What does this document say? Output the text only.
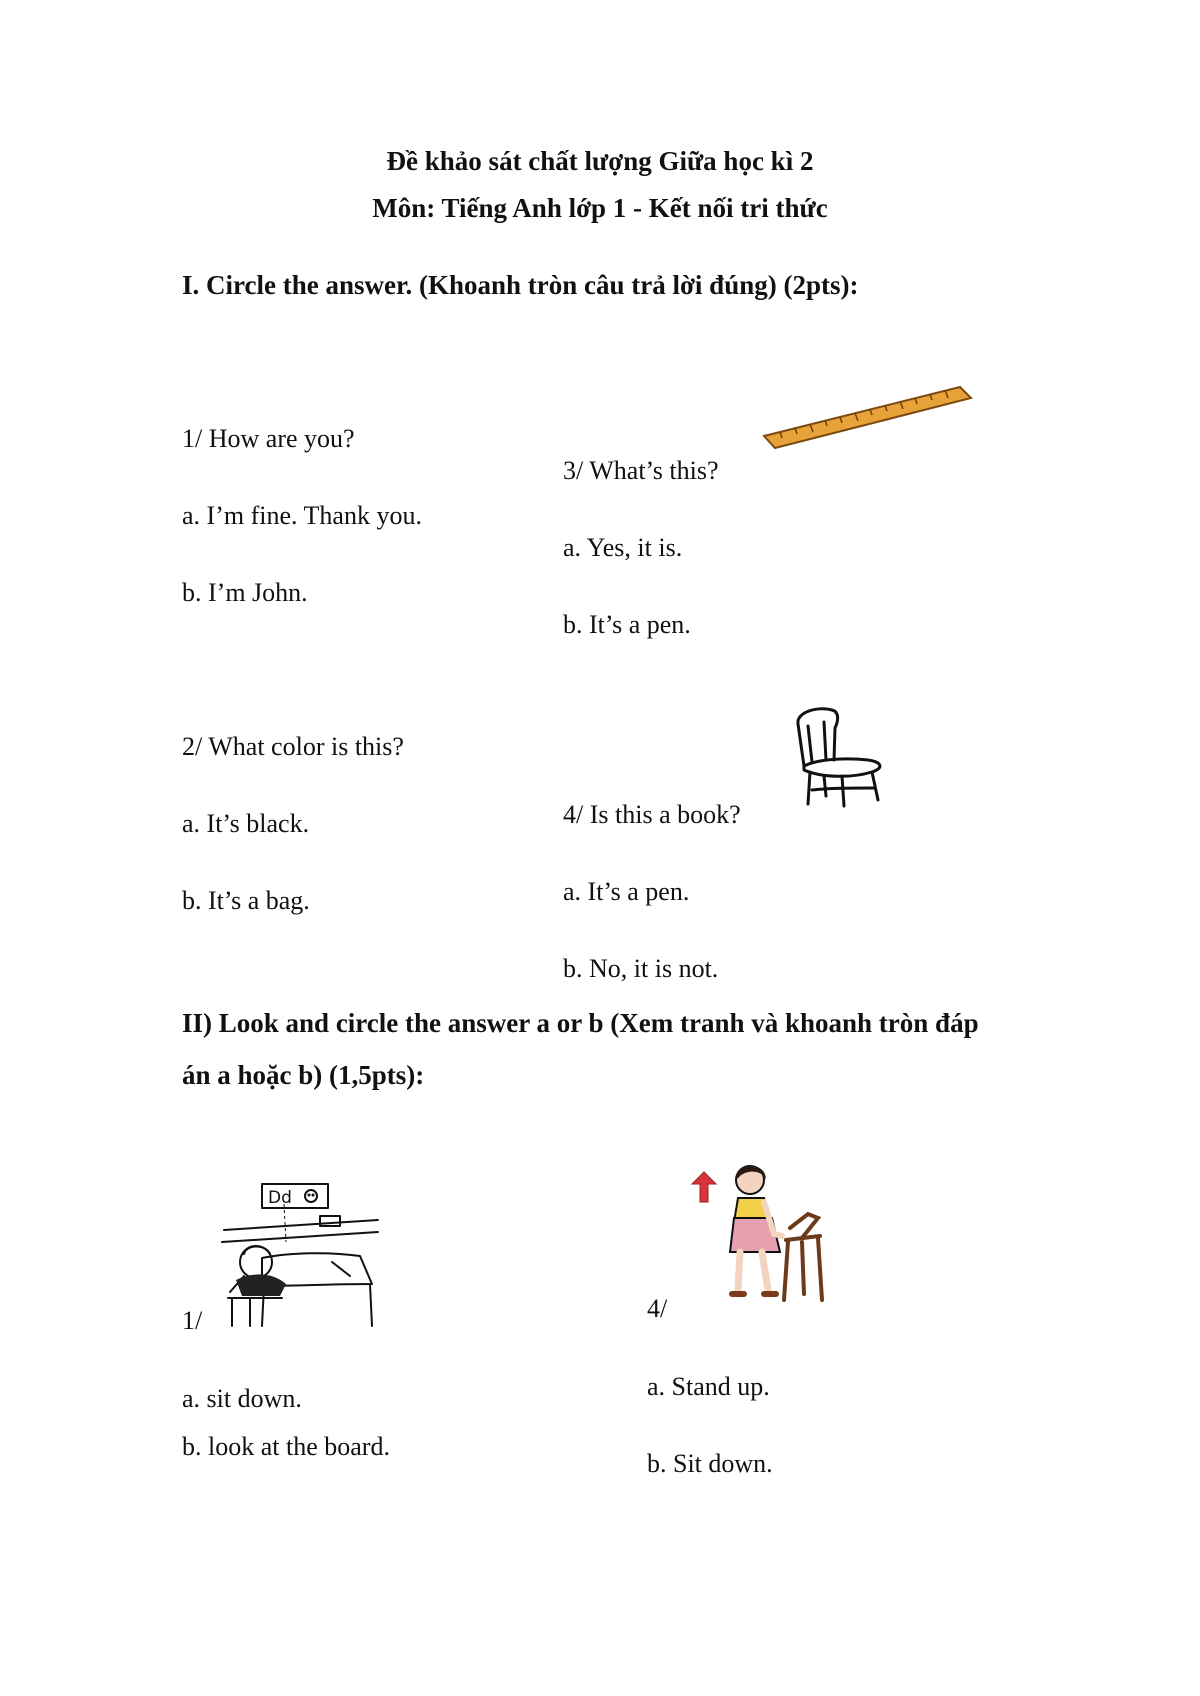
Đề khảo sát chất lượng Giữa học kì 2
Môn: Tiếng Anh lớp 1 - Kết nối tri thức
I. Circle the answer. (Khoanh tròn câu trả lời đúng) (2pts):
1/ How are you?
a. I’m fine. Thank you.
b. I’m John.
2/ What color is this?
a. It’s black.
b. It’s a bag.
3/ What’s this?
a. Yes, it is.
b. It’s a pen.
4/ Is this a book?
a. It’s a pen.
b. No, it is not.
II) Look and circle the answer a or b (Xem tranh và khoanh tròn đáp
án a hoặc b) (1,5pts):
Dd
1/
a. sit down.
b. look at the board.
4/
a. Stand up.
b. Sit down.
